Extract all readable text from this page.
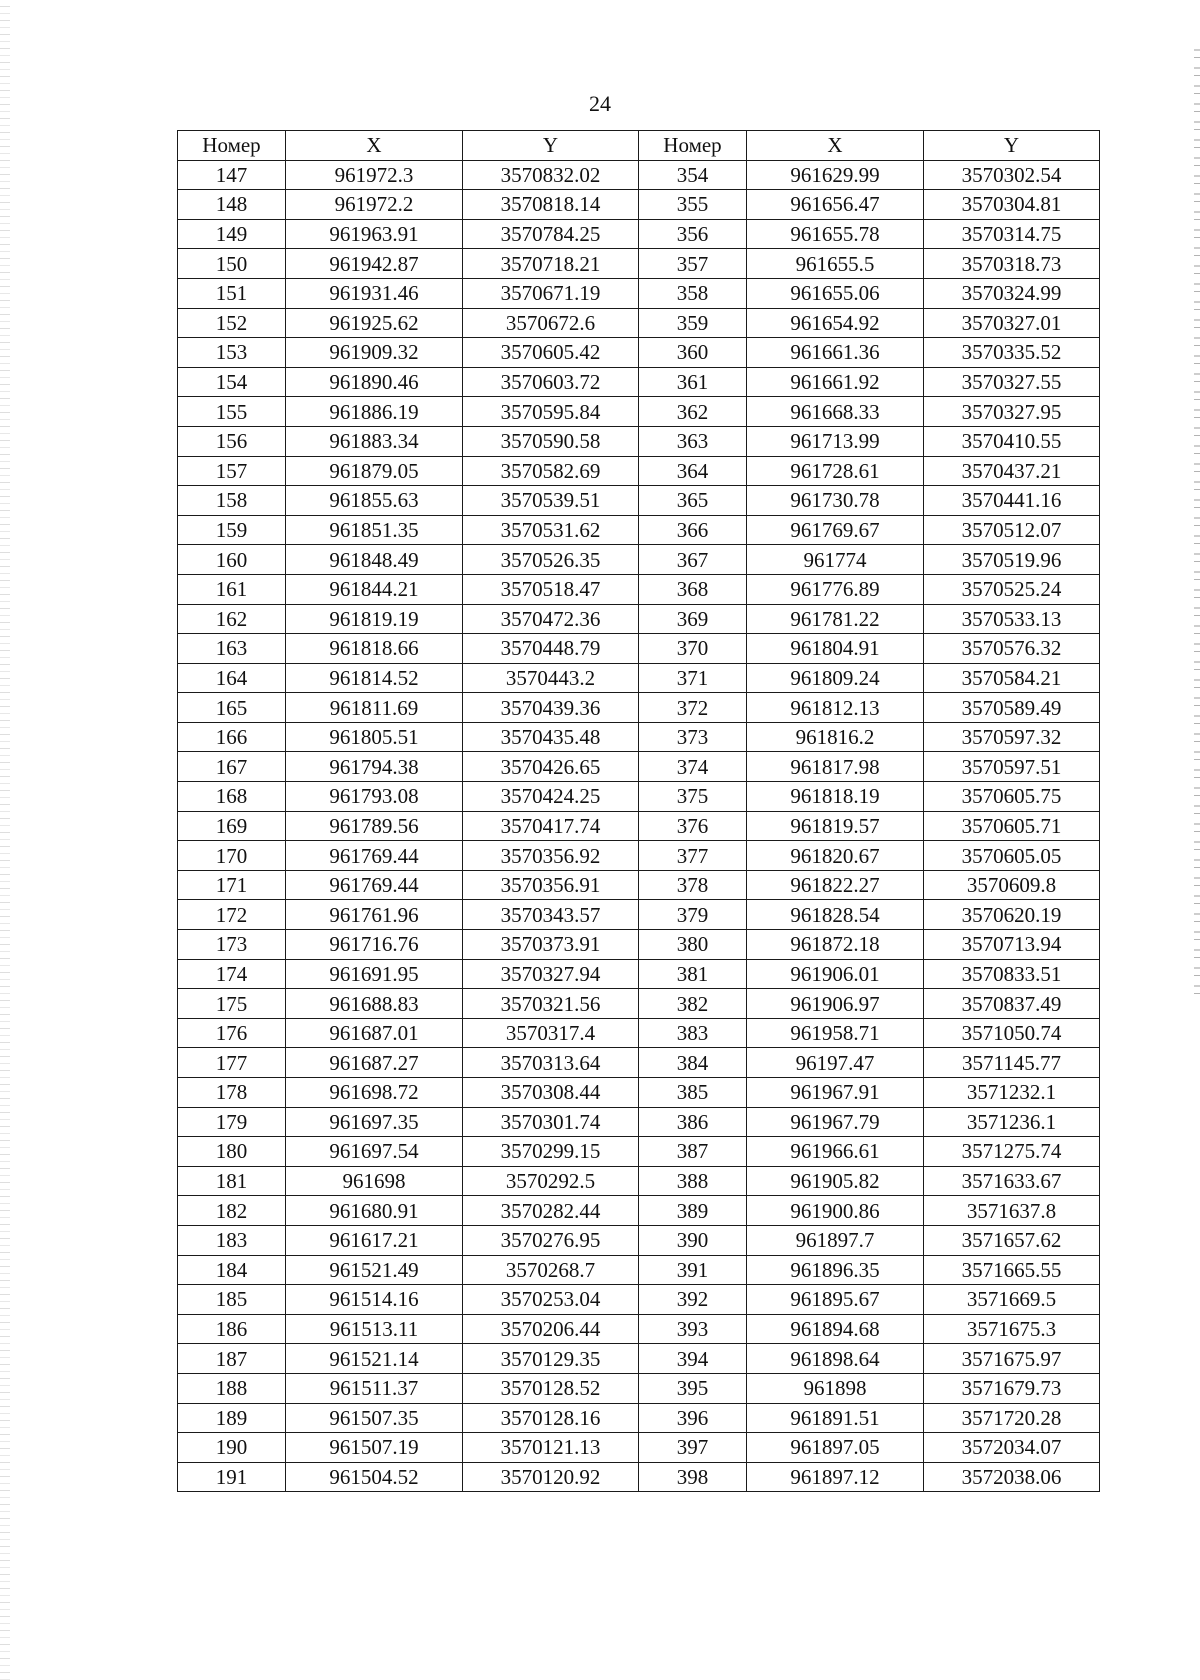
24
Номер	X	Y	Номер	X	Y
147	961972.3	3570832.02	354	961629.99	3570302.54
148	961972.2	3570818.14	355	961656.47	3570304.81
149	961963.91	3570784.25	356	961655.78	3570314.75
150	961942.87	3570718.21	357	961655.5	3570318.73
151	961931.46	3570671.19	358	961655.06	3570324.99
152	961925.62	3570672.6	359	961654.92	3570327.01
153	961909.32	3570605.42	360	961661.36	3570335.52
154	961890.46	3570603.72	361	961661.92	3570327.55
155	961886.19	3570595.84	362	961668.33	3570327.95
156	961883.34	3570590.58	363	961713.99	3570410.55
157	961879.05	3570582.69	364	961728.61	3570437.21
158	961855.63	3570539.51	365	961730.78	3570441.16
159	961851.35	3570531.62	366	961769.67	3570512.07
160	961848.49	3570526.35	367	961774	3570519.96
161	961844.21	3570518.47	368	961776.89	3570525.24
162	961819.19	3570472.36	369	961781.22	3570533.13
163	961818.66	3570448.79	370	961804.91	3570576.32
164	961814.52	3570443.2	371	961809.24	3570584.21
165	961811.69	3570439.36	372	961812.13	3570589.49
166	961805.51	3570435.48	373	961816.2	3570597.32
167	961794.38	3570426.65	374	961817.98	3570597.51
168	961793.08	3570424.25	375	961818.19	3570605.75
169	961789.56	3570417.74	376	961819.57	3570605.71
170	961769.44	3570356.92	377	961820.67	3570605.05
171	961769.44	3570356.91	378	961822.27	3570609.8
172	961761.96	3570343.57	379	961828.54	3570620.19
173	961716.76	3570373.91	380	961872.18	3570713.94
174	961691.95	3570327.94	381	961906.01	3570833.51
175	961688.83	3570321.56	382	961906.97	3570837.49
176	961687.01	3570317.4	383	961958.71	3571050.74
177	961687.27	3570313.64	384	96197.47	3571145.77
178	961698.72	3570308.44	385	961967.91	3571232.1
179	961697.35	3570301.74	386	961967.79	3571236.1
180	961697.54	3570299.15	387	961966.61	3571275.74
181	961698	3570292.5	388	961905.82	3571633.67
182	961680.91	3570282.44	389	961900.86	3571637.8
183	961617.21	3570276.95	390	961897.7	3571657.62
184	961521.49	3570268.7	391	961896.35	3571665.55
185	961514.16	3570253.04	392	961895.67	3571669.5
186	961513.11	3570206.44	393	961894.68	3571675.3
187	961521.14	3570129.35	394	961898.64	3571675.97
188	961511.37	3570128.52	395	961898	3571679.73
189	961507.35	3570128.16	396	961891.51	3571720.28
190	961507.19	3570121.13	397	961897.05	3572034.07
191	961504.52	3570120.92	398	961897.12	3572038.06
